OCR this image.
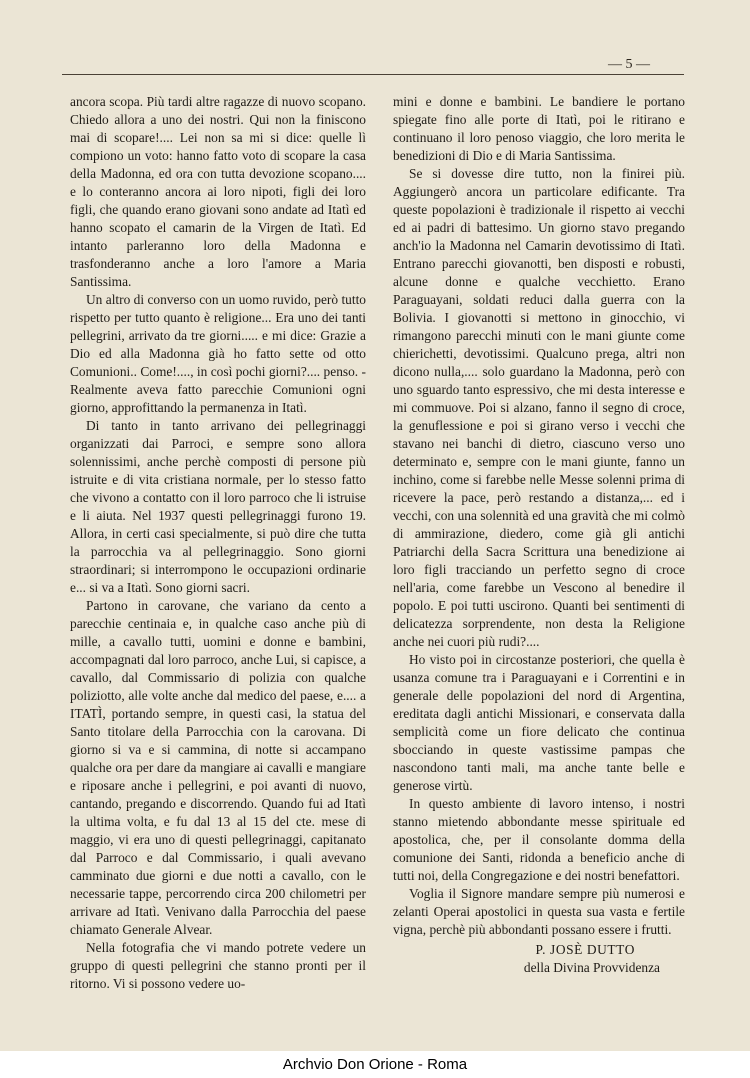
— 5 —

ancora scopa. Più tardi altre ragazze di nuovo scopano. Chiedo allora a uno dei nostri. Qui non la finiscono mai di scopare!.... Lei non sa mi si dice: quelle lì compiono un voto: hanno fatto voto di scopare la casa della Madonna, ed ora con tutta devozione scopano.... e lo conteranno ancora ai loro nipoti, figli dei loro figli, che quando erano giovani sono andate ad Itatì ed hanno scopato el camarin de la Virgen de Itatì. Ed intanto parleranno loro della Madonna e trasfonderanno anche a loro l'amore a Maria Santissima.

Un altro di converso con un uomo ruvido, però tutto rispetto per tutto quanto è religione... Era uno dei tanti pellegrini, arrivato da tre giorni..... e mi dice: Grazie a Dio ed alla Madonna già ho fatto sette od otto Comunioni.. Come!...., in così pochi giorni?.... penso. - Realmente aveva fatto parecchie Comunioni ogni giorno, approfittando la permanenza in Itatì.

Di tanto in tanto arrivano dei pellegrinaggi organizzati dai Parroci, e sempre sono allora solennissimi, anche perchè composti di persone più istruite e di vita cristiana normale, per lo stesso fatto che vivono a contatto con il loro parroco che li istruise e li aiuta. Nel 1937 questi pellegrinaggi furono 19. Allora, in certi casi specialmente, si può dire che tutta la parrocchia va al pellegrinaggio. Sono giorni straordinari; si interrompono le occupazioni ordinarie e... si va a Itatì. Sono giorni sacri.

Partono in carovane, che variano da cento a parecchie centinaia e, in qualche caso anche più di mille, a cavallo tutti, uomini e donne e bambini, accompagnati dal loro parroco, anche Lui, si capisce, a cavallo, dal Commissario di polizia con qualche poliziotto, alle volte anche dal medico del paese, e.... a ITATÌ, portando sempre, in questi casi, la statua del Santo titolare della Parrocchia con la carovana. Di giorno si va e si cammina, di notte si accampano qualche ora per dare da mangiare ai cavalli e mangiare e riposare anche i pellegrini, e poi avanti di nuovo, cantando, pregando e discorrendo. Quando fui ad Itatì la ultima volta, e fu dal 13 al 15 del cte. mese di maggio, vi era uno di questi pellegrinaggi, capitanato dal Parroco e dal Commissario, i quali avevano camminato due giorni e due notti a cavallo, con le necessarie tappe, percorrendo circa 200 chilometri per arrivare ad Itatì. Venivano dalla Parrocchia del paese chiamato Generale Alvear.

Nella fotografia che vi mando potrete vedere un gruppo di questi pellegrini che stanno pronti per il ritorno. Vi si possono vedere uo-

mini e donne e bambini. Le bandiere le portano spiegate fino alle porte di Itatì, poi le ritirano e continuano il loro penoso viaggio, che loro merita le benedizioni di Dio e di Maria Santissima.

Se si dovesse dire tutto, non la finirei più. Aggiungerò ancora un particolare edificante. Tra queste popolazioni è tradizionale il rispetto ai vecchi ed ai padri di battesimo. Un giorno stavo pregando anch'io la Madonna nel Camarin devotissimo di Itatì. Entrano parecchi giovanotti, ben disposti e robusti, alcune donne e qualche vecchietto. Erano Paraguayani, soldati reduci dalla guerra con la Bolivia. I giovanotti si mettono in ginocchio, vi rimangono parecchi minuti con le mani giunte come chierichetti, devotissimi. Qualcuno prega, altri non dicono nulla,.... solo guardano la Madonna, però con uno sguardo tanto espressivo, che mi desta interesse e mi commuove. Poi si alzano, fanno il segno di croce, la genuflessione e poi si girano verso i vecchi che stavano nei banchi di dietro, ciascuno verso uno determinato e, sempre con le mani giunte, fanno un inchino, come si farebbe nelle Messe solenni prima di ricevere la pace, però restando a distanza,... ed i vecchi, con una solennità ed una gravità che mi colmò di ammirazione, diedero, come già gli antichi Patriarchi della Sacra Scrittura una benedizione ai loro figli tracciando un perfetto segno di croce nell'aria, come farebbe un Vescono al benedire il popolo. E poi tutti uscirono. Quanti bei sentimenti di delicatezza sorprendente, non desta la Religione anche nei cuori più rudi?....

Ho visto poi in circostanze posteriori, che quella è usanza comune tra i Paraguayani e i Correntini e in generale delle popolazioni del nord di Argentina, ereditata dagli antichi Missionari, e conservata dalla semplicità come un fiore delicato che continua sbocciando in queste vastissime pampas che nascondono tanti mali, ma anche tante belle e generose virtù.

In questo ambiente di lavoro intenso, i nostri stanno mietendo abbondante messe spirituale ed apostolica, che, per il consolante domma della comunione dei Santi, ridonda a beneficio anche di tutti noi, della Congregazione e dei nostri benefattori.

Voglia il Signore mandare sempre più numerosi e zelanti Operai apostolici in questa sua vasta e fertile vigna, perchè più abbondanti possano essere i frutti.

P. JOSÈ DUTTO
della Divina Provvidenza
Archvio Don Orione - Roma
